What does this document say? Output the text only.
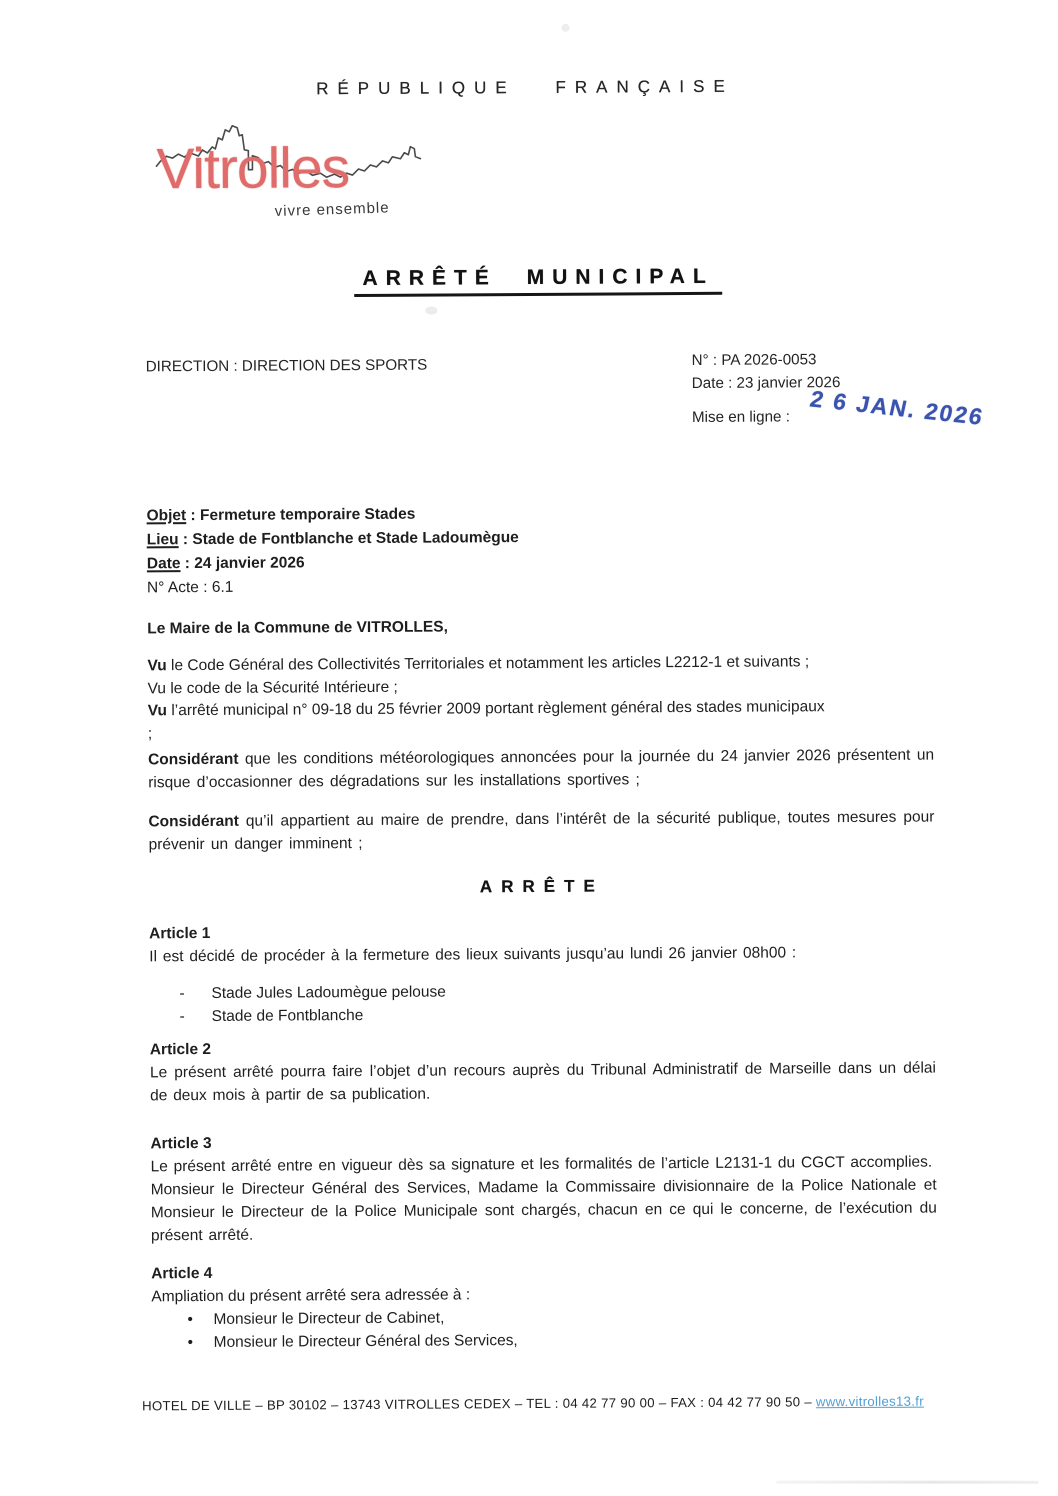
RÉPUBLIQUE FRANÇAISE
Vitrolles
vivre ensemble
ARRÊTÉ MUNICIPAL
DIRECTION : DIRECTION DES SPORTS	N° : PA 2026-0053
Date : 23 janvier 2026
Mise en ligne : 2 6 JAN. 2026
Objet : Fermeture temporaire Stades
Lieu : Stade de Fontblanche et Stade Ladoumègue
Date : 24 janvier 2026
N° Acte : 6.1
Le Maire de la Commune de VITROLLES,
Vu le Code Général des Collectivités Territoriales et notamment les articles L2212-1 et suivants ;
Vu le code de la Sécurité Intérieure ;
Vu l’arrêté municipal n° 09-18 du 25 février 2009 portant règlement général des stades municipaux
;
Considérant que les conditions météorologiques annoncées pour la journée du 24 janvier 2026 présentent un risque d’occasionner des dégradations sur les installations sportives ;
Considérant qu’il appartient au maire de prendre, dans l’intérêt de la sécurité publique, toutes mesures pour prévenir un danger imminent ;
ARRÊTE
Article 1
Il est décidé de procéder à la fermeture des lieux suivants jusqu’au lundi 26 janvier 08h00 :
- Stade Jules Ladoumègue pelouse
- Stade de Fontblanche
Article 2
Le présent arrêté pourra faire l’objet d’un recours auprès du Tribunal Administratif de Marseille dans un délai de deux mois à partir de sa publication.
Article 3
Le présent arrêté entre en vigueur dès sa signature et les formalités de l’article L2131-1 du CGCT accomplies.
Monsieur le Directeur Général des Services, Madame la Commissaire divisionnaire de la Police Nationale et Monsieur le Directeur de la Police Municipale sont chargés, chacun en ce qui le concerne, de l’exécution du présent arrêté.
Article 4
Ampliation du présent arrêté sera adressée à :
• Monsieur le Directeur de Cabinet,
• Monsieur le Directeur Général des Services,
HOTEL DE VILLE – BP 30102 – 13743 VITROLLES CEDEX – TEL : 04 42 77 90 00 – FAX : 04 42 77 90 50 – www.vitrolles13.fr
